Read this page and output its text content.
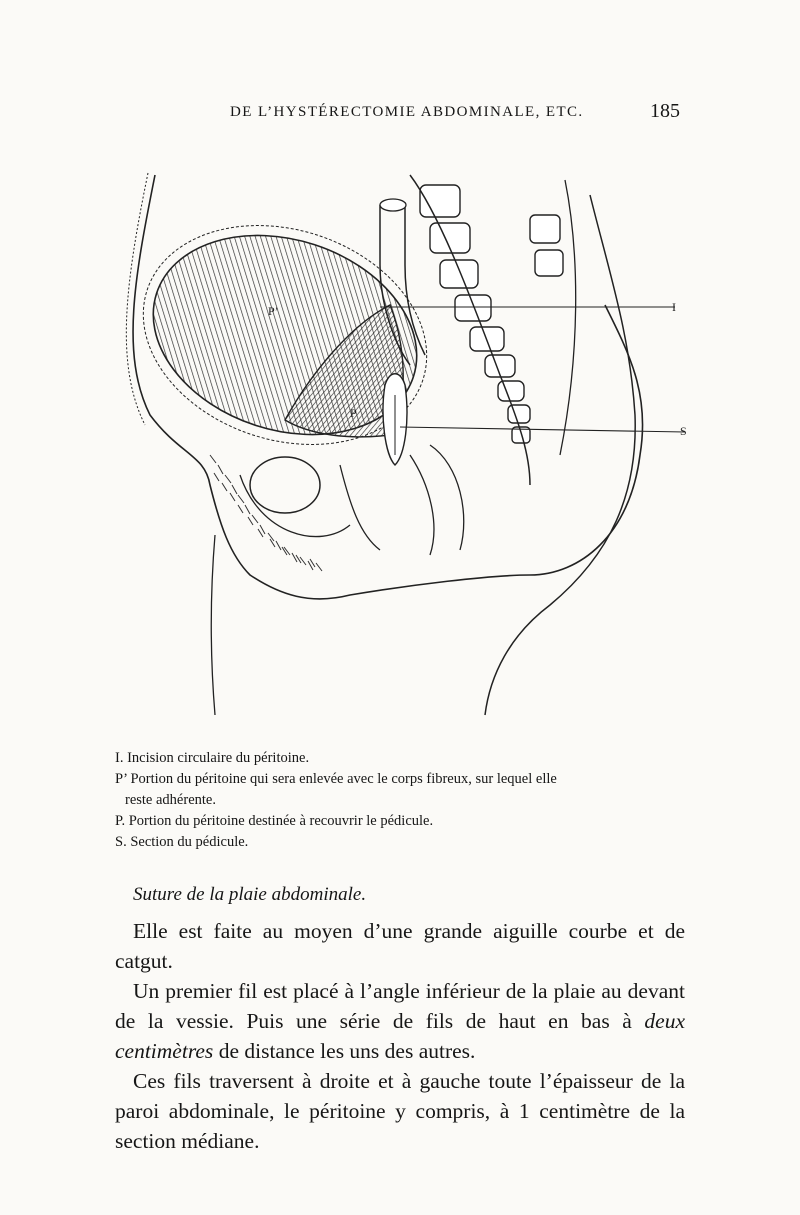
DE L’HYSTÉRECTOMIE ABDOMINALE, ETC.	185
P’
P
I
S

I. Incision circulaire du péritoine.

P’ Portion du péritoine qui sera enlevée avec le corps fibreux, sur lequel elle

reste adhérente.

P. Portion du péritoine destinée à recouvrir le pédicule.

S. Section du pédicule.

Suture de la plaie abdominale.

Elle est faite au moyen d’une grande aiguille courbe et de catgut.

Un premier fil est placé à l’angle inférieur de la plaie au devant de la vessie. Puis une série de fils de haut en bas à deux centimètres de distance les uns des autres.

Ces fils traversent à droite et à gauche toute l’épaisseur de la paroi abdominale, le péritoine y compris, à 1 centimètre de la section médiane.
